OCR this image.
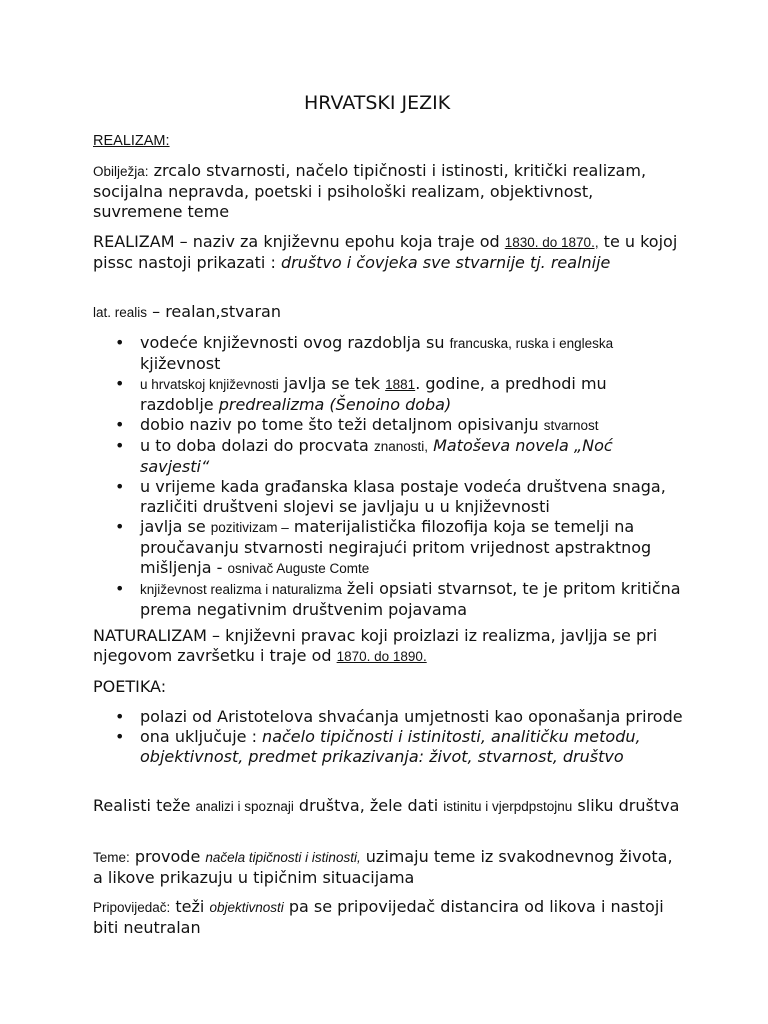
HRVATSKI JEZIK

REALIZAM:

Obilježja: zrcalo stvarnosti, načelo tipičnosti i istinosti, kritički realizam, socijalna nepravda, poetski i psihološki realizam, objektivnost, suvremene teme

REALIZAM – naziv za književnu epohu koja traje od 1830. do 1870., te u kojoj pissc nastoji prikazati : društvo i čovjeka sve stvarnije tj. realnije

lat. realis – realan,stvaran

• vodeće književnosti ovog razdoblja su francuska, ruska i engleska kjiževnost
• u hrvatskoj književnosti javlja se tek 1881. godine, a predhodi mu razdoblje predrealizma (Šenoino doba)
• dobio naziv po tome što teži detaljnom opisivanju stvarnost
• u to doba dolazi do procvata znanosti, Matoševa novela „Noć savjesti“
• u vrijeme kada građanska klasa postaje vodeća društvena snaga, različiti društveni slojevi se javljaju u u književnosti
• javlja se pozitivizam – materijalistička filozofija koja se temelji na proučavanju stvarnosti negirajući pritom vrijednost apstraktnog mišljenja - osnivač Auguste Comte
• književnost realizma i naturalizma želi opsiati stvarnsot, te je pritom kritična prema negativnim društvenim pojavama

NATURALIZAM – književni pravac koji proizlazi iz realizma, javljja se pri njegovom završetku i traje od 1870. do 1890.

POETIKA:

• polazi od Aristotelova shvaćanja umjetnosti kao oponašanja prirode
• ona uključuje : načelo tipičnosti i istinitosti, analitičku metodu, objektivnost, predmet prikazivanja: život, stvarnost, društvo

Realisti teže analizi i spoznaji društva, žele dati istinitu i vjerpdpstojnu sliku društva

Teme: provode načela tipičnosti i istinosti, uzimaju teme iz svakodnevnog života, a likove prikazuju u tipičnim situacijama

Pripovijedač: teži objektivnosti pa se pripovijedač distancira od likova i nastoji biti neutralan
